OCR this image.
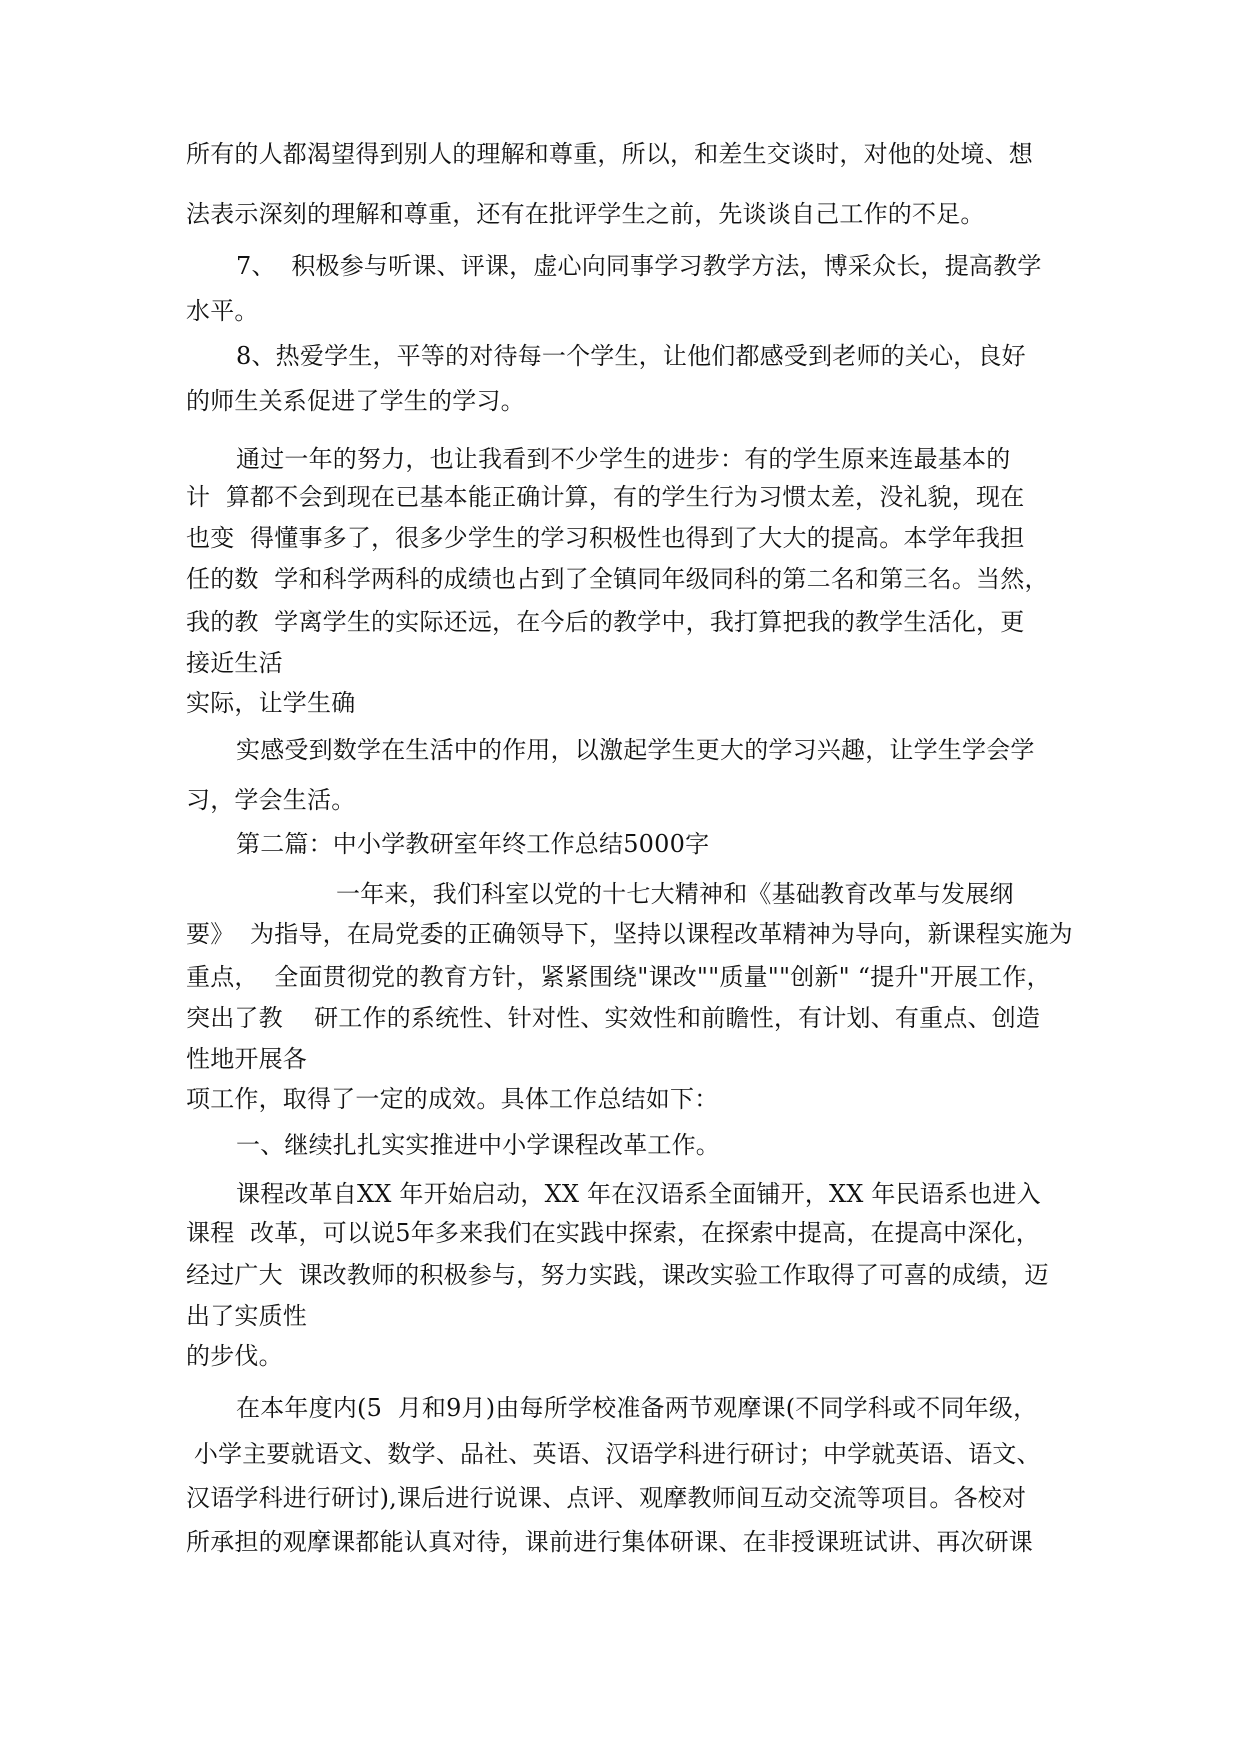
所有的人都渴望得到别人的理解和尊重，所以，和差生交谈时，对他的处境、想

法表示深刻的理解和尊重，还有在批评学生之前，先谈谈自己工作的不足。

7、  积极参与听课、评课，虚心向同事学习教学方法，博采众长，提高教学

水平。

8、热爱学生，平等的对待每一个学生，让他们都感受到老师的关心，良好

的师生关系促进了学生的学习。

通过一年的努力，也让我看到不少学生的进步：有的学生原来连最基本的

计  算都不会到现在已基本能正确计算，有的学生行为习惯太差，没礼貌，现在

也变  得懂事多了，很多少学生的学习积极性也得到了大大的提高。本学年我担

任的数  学和科学两科的成绩也占到了全镇同年级同科的第二名和第三名。当然，

我的教  学离学生的实际还远，在今后的教学中，我打算把我的教学生活化，更

接近生活

实际，让学生确

实感受到数学在生活中的作用，以激起学生更大的学习兴趣，让学生学会学

习，学会生活。

第二篇：中小学教研室年终工作总结5000字

一年来，我们科室以党的十七大精神和《基础教育改革与发展纲

要》  为指导，在局党委的正确领导下，坚持以课程改革精神为导向，新课程实施为

重点，  全面贯彻党的教育方针，紧紧围绕"课改""质量""创新" “提升"开展工作，

突出了教    研工作的系统性、针对性、实效性和前瞻性，有计划、有重点、创造

性地开展各

项工作，取得了一定的成效。具体工作总结如下：

一、继续扎扎实实推进中小学课程改革工作。

课程改革自XX 年开始启动，XX 年在汉语系全面铺开，XX 年民语系也进入

课程  改革，可以说5年多来我们在实践中探索，在探索中提高，在提高中深化，

经过广大  课改教师的积极参与，努力实践，课改实验工作取得了可喜的成绩，迈

出了实质性

的步伐。

在本年度内(5  月和9月)由每所学校准备两节观摩课(不同学科或不同年级，

小学主要就语文、数学、品社、英语、汉语学科进行研讨；中学就英语、语文、

汉语学科进行研讨),课后进行说课、点评、观摩教师间互动交流等项目。各校对

所承担的观摩课都能认真对待，课前进行集体研课、在非授课班试讲、再次研课
